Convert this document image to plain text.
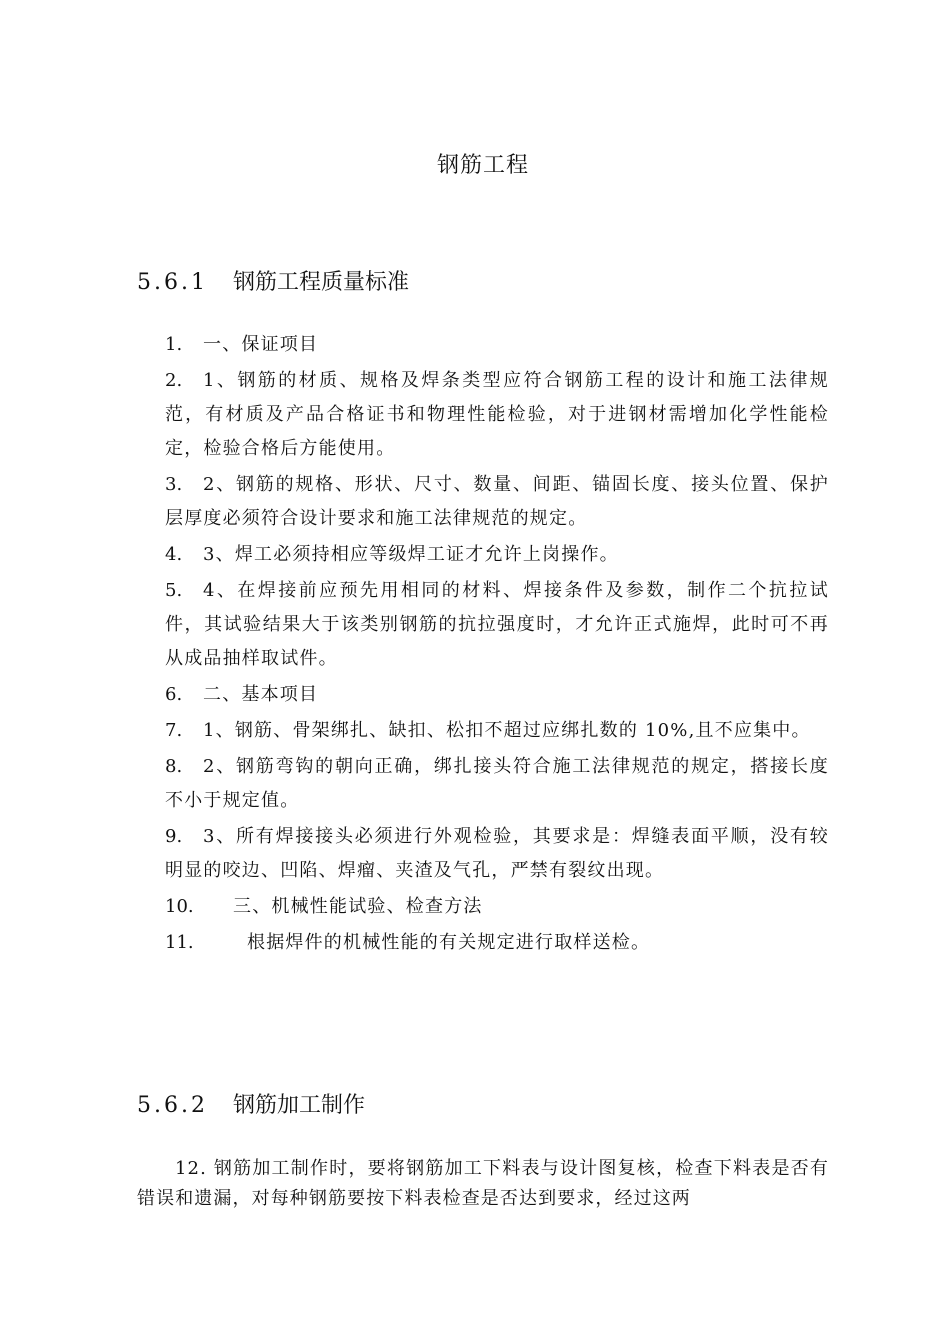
钢筋工程
5.6.1 钢筋工程质量标准
1. 一、保证项目
2. 1、钢筋的材质、规格及焊条类型应符合钢筋工程的设计和施工法律规范，有材质及产品合格证书和物理性能检验，对于进钢材需增加化学性能检定，检验合格后方能使用。
3. 2、钢筋的规格、形状、尺寸、数量、间距、锚固长度、接头位置、保护层厚度必须符合设计要求和施工法律规范的规定。
4. 3、焊工必须持相应等级焊工证才允许上岗操作。
5. 4、在焊接前应预先用相同的材料、焊接条件及参数，制作二个抗拉试件，其试验结果大于该类别钢筋的抗拉强度时，才允许正式施焊，此时可不再从成品抽样取试件。
6. 二、基本项目
7. 1、钢筋、骨架绑扎、缺扣、松扣不超过应绑扎数的 10%,且不应集中。
8. 2、钢筋弯钩的朝向正确，绑扎接头符合施工法律规范的规定，搭接长度不小于规定值。
9. 3、所有焊接接头必须进行外观检验，其要求是：焊缝表面平顺，没有较明显的咬边、凹陷、焊瘤、夹渣及气孔，严禁有裂纹出现。
10. 三、机械性能试验、检查方法
11.	根据焊件的机械性能的有关规定进行取样送检。
5.6.2 钢筋加工制作
12. 钢筋加工制作时，要将钢筋加工下料表与设计图复核，检查下料表是否有错误和遗漏，对每种钢筋要按下料表检查是否达到要求，经过这两
